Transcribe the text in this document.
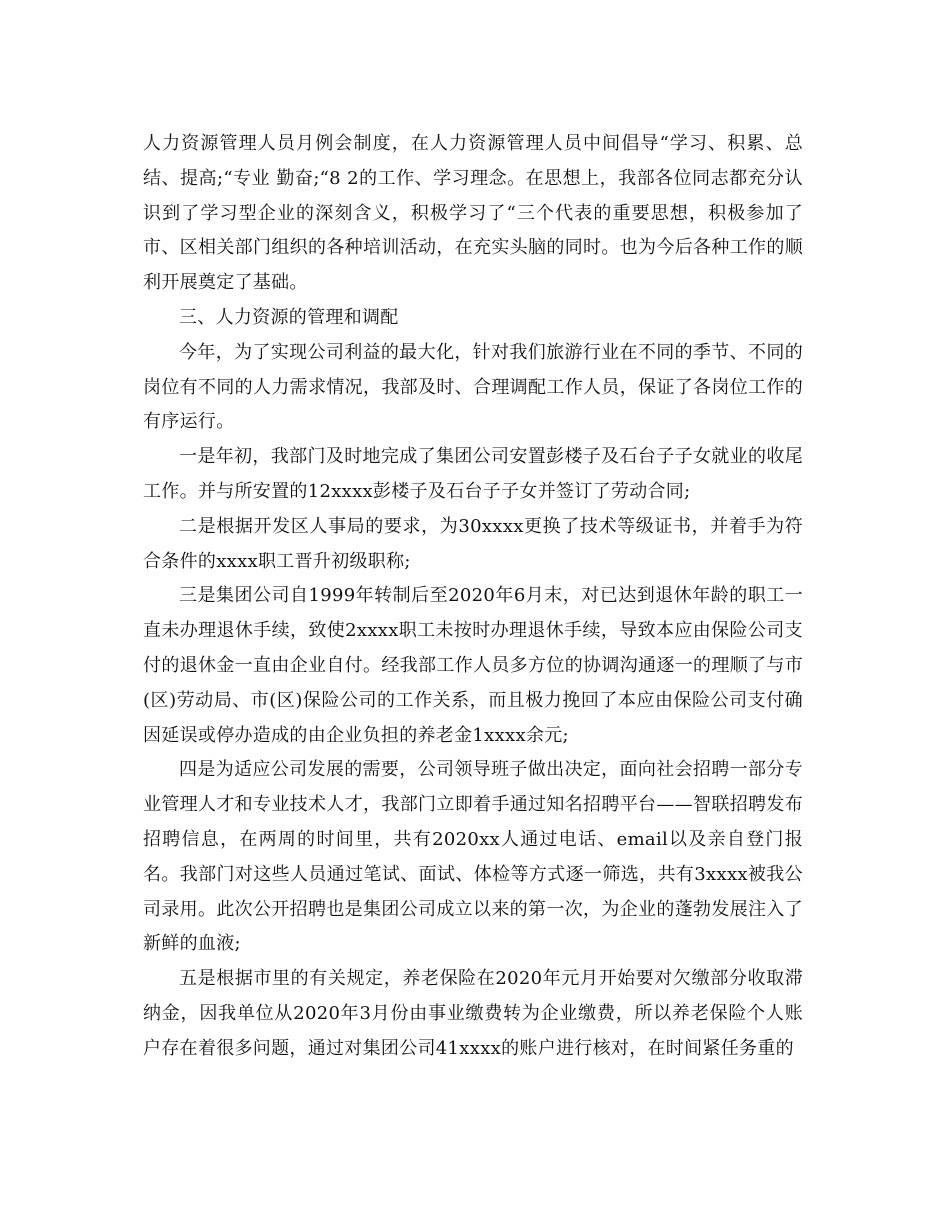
人力资源管理人员月例会制度，在人力资源管理人员中间倡导“学习、积累、总结、提高;“专业 勤奋;“8 2的工作、学习理念。在思想上，我部各位同志都充分认识到了学习型企业的深刻含义，积极学习了“三个代表的重要思想，积极参加了市、区相关部门组织的各种培训活动，在充实头脑的同时。也为今后各种工作的顺利开展奠定了基础。

三、人力资源的管理和调配

今年，为了实现公司利益的最大化，针对我们旅游行业在不同的季节、不同的岗位有不同的人力需求情况，我部及时、合理调配工作人员，保证了各岗位工作的有序运行。

一是年初，我部门及时地完成了集团公司安置彭楼子及石台子子女就业的收尾工作。并与所安置的12xxxx彭楼子及石台子子女并签订了劳动合同;

二是根据开发区人事局的要求，为30xxxx更换了技术等级证书，并着手为符合条件的xxxx职工晋升初级职称;

三是集团公司自1999年转制后至2020年6月末，对已达到退休年龄的职工一直未办理退休手续，致使2xxxx职工未按时办理退休手续，导致本应由保险公司支付的退休金一直由企业自付。经我部工作人员多方位的协调沟通逐一的理顺了与市(区)劳动局、市(区)保险公司的工作关系，而且极力挽回了本应由保险公司支付确因延误或停办造成的由企业负担的养老金1xxxx余元;

四是为适应公司发展的需要，公司领导班子做出决定，面向社会招聘一部分专业管理人才和专业技术人才，我部门立即着手通过知名招聘平台——智联招聘发布招聘信息，在两周的时间里，共有2020xx人通过电话、email以及亲自登门报名。我部门对这些人员通过笔试、面试、体检等方式逐一筛选，共有3xxxx被我公司录用。此次公开招聘也是集团公司成立以来的第一次，为企业的蓬勃发展注入了新鲜的血液;

五是根据市里的有关规定，养老保险在2020年元月开始要对欠缴部分收取滞纳金，因我单位从2020年3月份由事业缴费转为企业缴费，所以养老保险个人账户存在着很多问题，通过对集团公司41xxxx的账户进行核对，在时间紧任务重的
